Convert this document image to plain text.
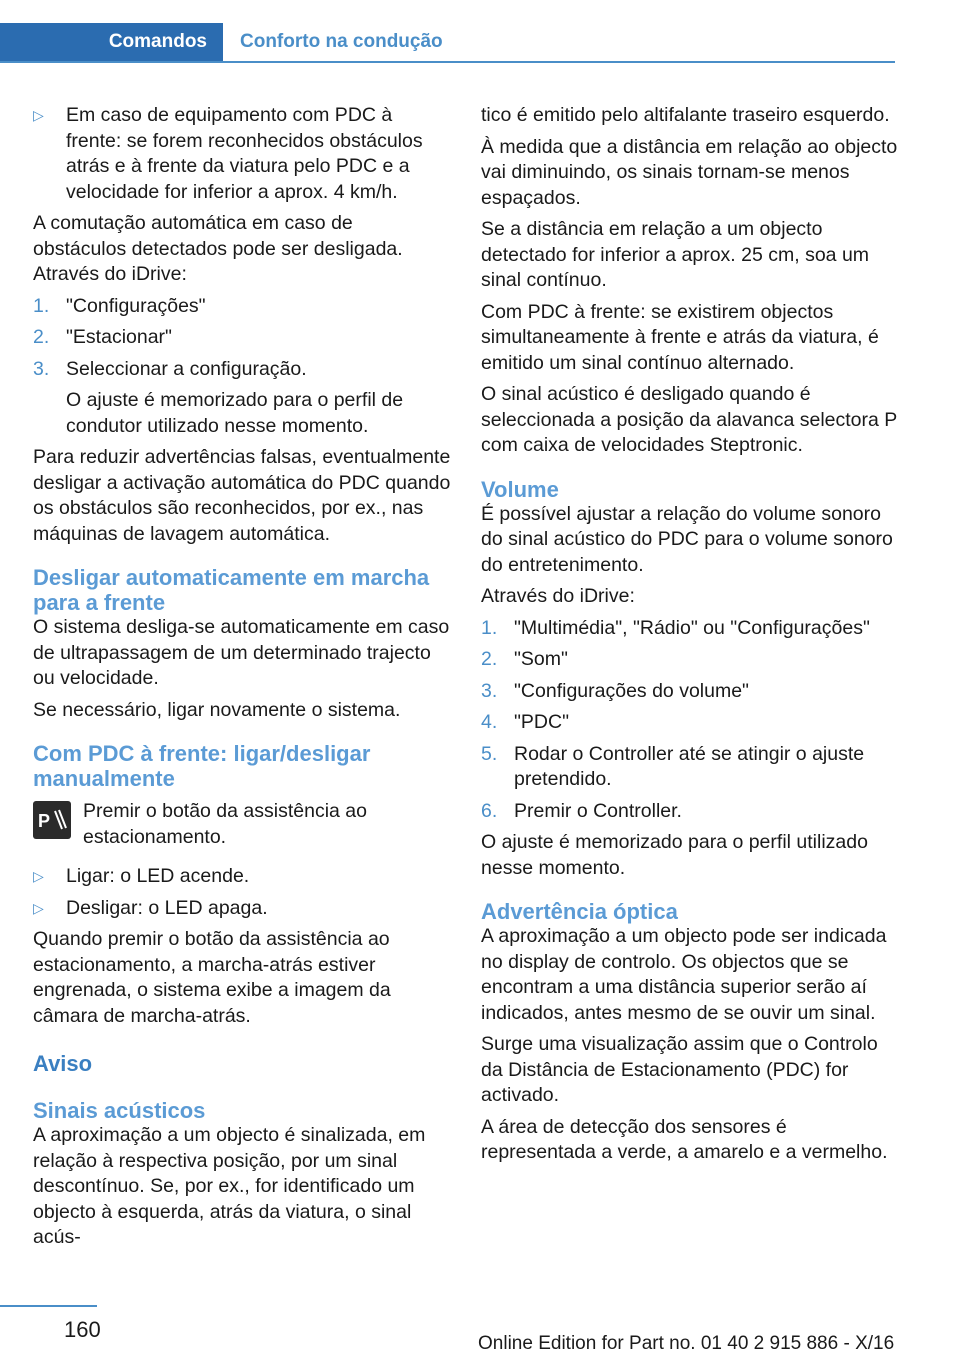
Comandos	Conforto na condução
▷ Em caso de equipamento com PDC à frente: se forem reconhecidos obstáculos atrás e à frente da viatura pelo PDC e a velocidade for inferior a aprox. 4 km/h.

A comutação automática em caso de obstáculos detectados pode ser desligada. Através do iDrive:

1. "Configurações"
2. "Estacionar"
3. Seleccionar a configuração.
O ajuste é memorizado para o perfil de condutor utilizado nesse momento.

Para reduzir advertências falsas, eventualmente desligar a activação automática do PDC quando os obstáculos são reconhecidos, por ex., nas máquinas de lavagem automática.

Desligar automaticamente em marcha para a frente

O sistema desliga-se automaticamente em caso de ultrapassagem de um determinado trajecto ou velocidade.

Se necessário, ligar novamente o sistema.

Com PDC à frente: ligar/desligar manualmente
P Premir o botão da assistência ao estacionamento.
▷ Ligar: o LED acende.
▷ Desligar: o LED apaga.

Quando premir o botão da assistência ao estacionamento, a marcha-atrás estiver engrenada, o sistema exibe a imagem da câmara de marcha-atrás.

Aviso
Sinais acústicos

A aproximação a um objecto é sinalizada, em relação à respectiva posição, por um sinal descontínuo. Se, por ex., for identificado um objecto à esquerda, atrás da viatura, o sinal acús-

tico é emitido pelo altifalante traseiro esquerdo.

À medida que a distância em relação ao objecto vai diminuindo, os sinais tornam-se menos espaçados.

Se a distância em relação a um objecto detectado for inferior a aprox. 25 cm, soa um sinal contínuo.

Com PDC à frente: se existirem objectos simultaneamente à frente e atrás da viatura, é emitido um sinal contínuo alternado.

O sinal acústico é desligado quando é seleccionada a posição da alavanca selectora P com caixa de velocidades Steptronic.

Volume

É possível ajustar a relação do volume sonoro do sinal acústico do PDC para o volume sonoro do entretenimento.

Através do iDrive:

1. "Multimédia", "Rádio" ou "Configurações"
2. "Som"
3. "Configurações do volume"
4. "PDC"
5. Rodar o Controller até se atingir o ajuste pretendido.
6. Premir o Controller.

O ajuste é memorizado para o perfil utilizado nesse momento.

Advertência óptica

A aproximação a um objecto pode ser indicada no display de controlo. Os objectos que se encontram a uma distância superior serão aí indicados, antes mesmo de se ouvir um sinal.

Surge uma visualização assim que o Controlo da Distância de Estacionamento (PDC) for activado.

A área de detecção dos sensores é representada a verde, a amarelo e a vermelho.

160
Online Edition for Part no. 01 40 2 915 886 - X/16
